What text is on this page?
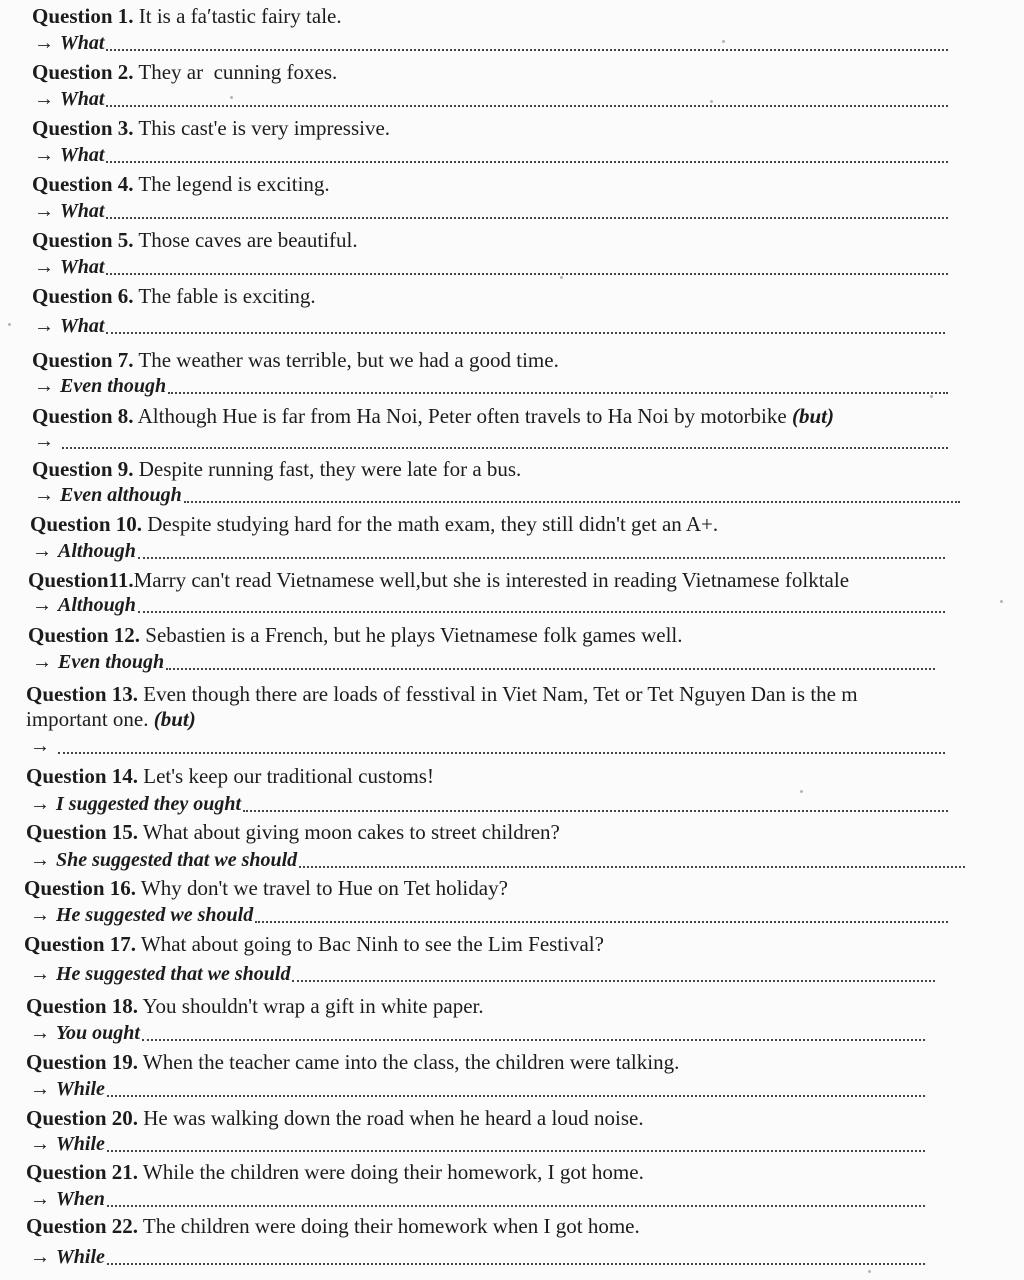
Question 1. It is a faʹtastic fairy tale.
→ What
Question 2. They ar  cunning foxes.
→ What
Question 3. This cast'e is very impressive.
→ What
Question 4. The legend is exciting.
→ What
Question 5. Those caves are beautiful.
→ What
Question 6. The fable is exciting.
→ What
Question 7. The weather was terrible, but we had a good time.
→ Even though
Question 8. Although Hue is far from Ha Noi, Peter often travels to Ha Noi by motorbike (but)
→
Question 9. Despite running fast, they were late for a bus.
→ Even although
Question 10. Despite studying hard for the math exam, they still didn't get an A+.
→ Although
Question11.Marry can't read Vietnamese well,but she is interested in reading Vietnamese folktale
→ Although
Question 12. Sebastien is a French, but he plays Vietnamese folk games well.
→ Even though
Question 13. Even though there are loads of fesstival in Viet Nam, Tet or Tet Nguyen Dan is the m
important one. (but)
→
Question 14. Let's keep our traditional customs!
→ I suggested they ought
Question 15. What about giving moon cakes to street children?
→ She suggested that we should
Question 16. Why don't we travel to Hue on Tet holiday?
→ He suggested we should
Question 17. What about going to Bac Ninh to see the Lim Festival?
→ He suggested that we should
Question 18. You shouldn't wrap a gift in white paper.
→ You ought
Question 19. When the teacher came into the class, the children were talking.
→ While
Question 20. He was walking down the road when he heard a loud noise.
→ While
Question 21. While the children were doing their homework, I got home.
→ When
Question 22. The children were doing their homework when I got home.
→ While
